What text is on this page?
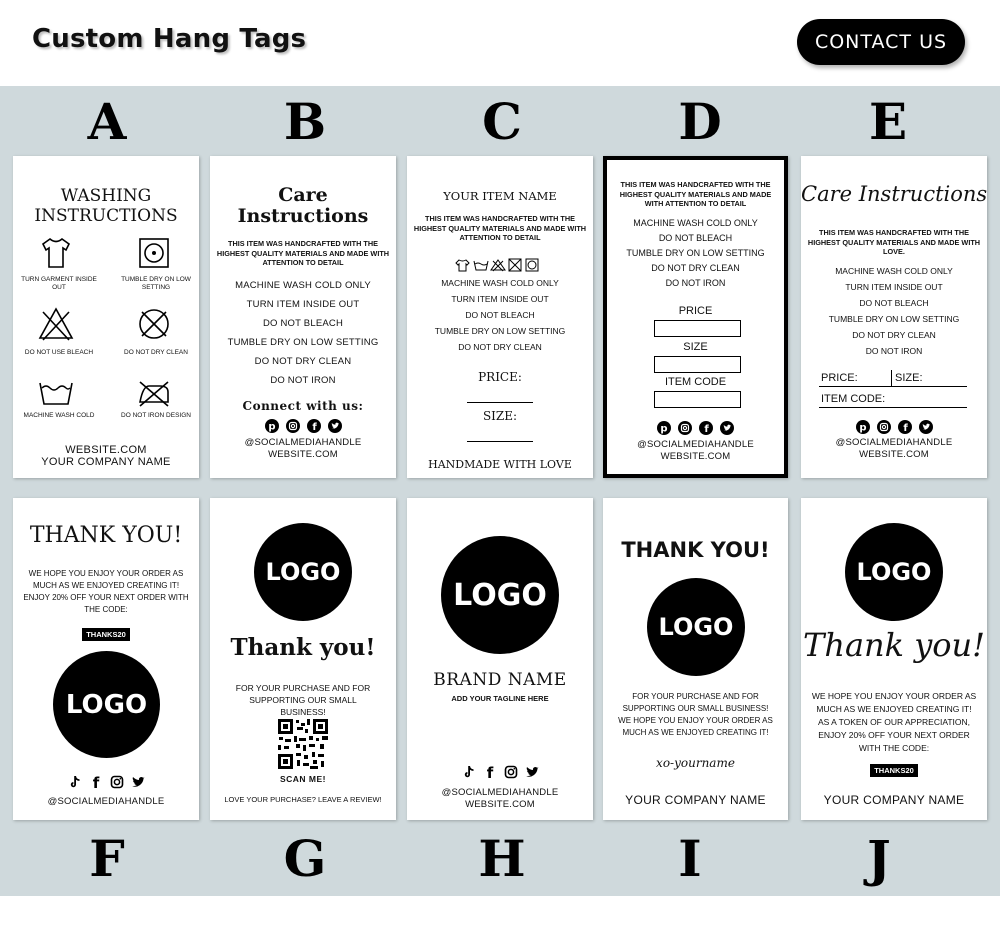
Custom Hang Tags	CONTACT US
A	B	C	D	E
F	G	H	I	J
WASHING
INSTRUCTIONS
TURN GARMENT INSIDE OUT
TUMBLE DRY ON LOW SETTING
DO NOT USE BLEACH	DO NOT DRY CLEAN
MACHINE WASH COLD	DO NOT IRON DESIGN
WEBSITE.COM
YOUR COMPANY NAME
Care
Instructions
THIS ITEM WAS HANDCRAFTED WITH THE HIGHEST QUALITY MATERIALS AND MADE WITH ATTENTION TO DETAIL
MACHINE WASH COLD ONLY
TURN ITEM INSIDE OUT
DO NOT BLEACH
TUMBLE DRY ON LOW SETTING
DO NOT DRY CLEAN
DO NOT IRON
Connect with us:
p	f
@SOCIALMEDIAHANDLE
WEBSITE.COM
YOUR ITEM NAME
THIS ITEM WAS HANDCRAFTED WITH THE HIGHEST QUALITY MATERIALS AND MADE WITH ATTENTION TO DETAIL
MACHINE WASH COLD ONLY
TURN ITEM INSIDE OUT
DO NOT BLEACH
TUMBLE DRY ON LOW SETTING
DO NOT DRY CLEAN
PRICE:
SIZE:
HANDMADE WITH LOVE
THIS ITEM WAS HANDCRAFTED WITH THE HIGHEST QUALITY MATERIALS AND MADE WITH ATTENTION TO DETAIL
MACHINE WASH COLD ONLY
DO NOT BLEACH
TUMBLE DRY ON LOW SETTING
DO NOT DRY CLEAN
DO NOT IRON
PRICE
SIZE
ITEM CODE
p	f
@SOCIALMEDIAHANDLE
WEBSITE.COM
Care Instructions
THIS ITEM WAS HANDCRAFTED WITH THE HIGHEST QUALITY MATERIALS AND MADE WITH LOVE.
MACHINE WASH COLD ONLY
TURN ITEM INSIDE OUT
DO NOT BLEACH
TUMBLE DRY ON LOW SETTING
DO NOT DRY CLEAN
DO NOT IRON
PRICE:	SIZE:
ITEM CODE:
p	f
@SOCIALMEDIAHANDLE
WEBSITE.COM
THANK YOU!
WE HOPE YOU ENJOY YOUR ORDER AS MUCH AS WE ENJOYED CREATING IT! ENJOY 20% OFF YOUR NEXT ORDER WITH THE CODE:
THANKS20
LOGO
f
@SOCIALMEDIAHANDLE
LOGO
Thank you!
FOR YOUR PURCHASE AND FOR SUPPORTING OUR SMALL BUSINESS!
SCAN ME!
LOVE YOUR PURCHASE? LEAVE A REVIEW!
LOGO
BRAND NAME
ADD YOUR TAGLINE HERE
f
@SOCIALMEDIAHANDLE
WEBSITE.COM
THANK YOU!
LOGO
FOR YOUR PURCHASE AND FOR SUPPORTING OUR SMALL BUSINESS! WE HOPE YOU ENJOY YOUR ORDER AS MUCH AS WE ENJOYED CREATING IT!
xo-yourname
YOUR COMPANY NAME
LOGO
Thank you!
WE HOPE YOU ENJOY YOUR ORDER AS MUCH AS WE ENJOYED CREATING IT! AS A TOKEN OF OUR APPRECIATION, ENJOY 20% OFF YOUR NEXT ORDER WITH THE CODE:
THANKS20
YOUR COMPANY NAME
